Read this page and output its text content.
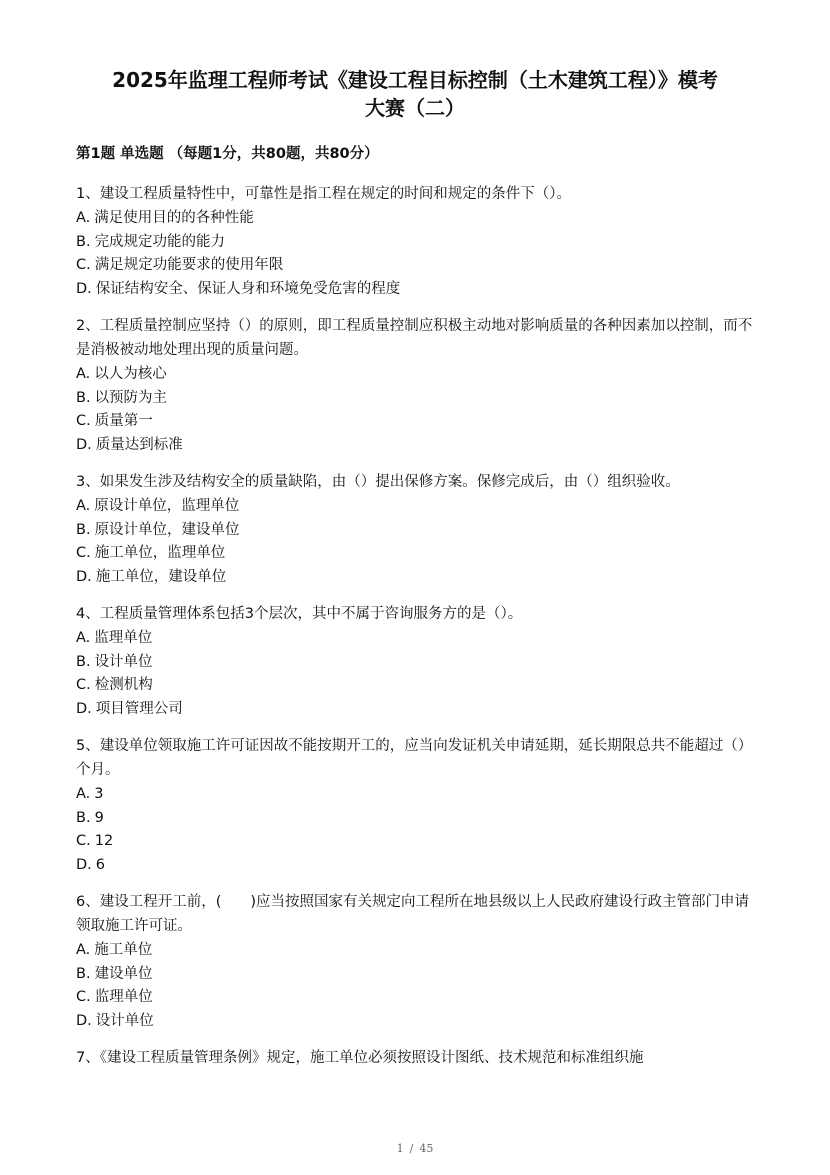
2025年监理工程师考试《建设工程目标控制（土木建筑工程）》模考
大赛（二）
第1题 单选题 （每题1分，共80题，共80分）
1、建设工程质量特性中，可靠性是指工程在规定的时间和规定的条件下（）。
A. 满足使用目的的各种性能
B. 完成规定功能的能力
C. 满足规定功能要求的使用年限
D. 保证结构安全、保证人身和环境免受危害的程度
2、工程质量控制应坚持（）的原则，即工程质量控制应积极主动地对影响质量的各种因素加以控制，而不是消极被动地处理出现的质量问题。
A. 以人为核心
B. 以预防为主
C. 质量第一
D. 质量达到标准
3、如果发生涉及结构安全的质量缺陷，由（）提出保修方案。保修完成后，由（）组织验收。
A. 原设计单位，监理单位
B. 原设计单位，建设单位
C. 施工单位，监理单位
D. 施工单位，建设单位
4、工程质量管理体系包括3个层次，其中不属于咨询服务方的是（）。
A. 监理单位
B. 设计单位
C. 检测机构
D. 项目管理公司
5、建设单位领取施工许可证因故不能按期开工的，应当向发证机关申请延期，延长期限总共不能超过（）个月。
A. 3
B. 9
C. 12
D. 6
6、建设工程开工前，(　　)应当按照国家有关规定向工程所在地县级以上人民政府建设行政主管部门申请领取施工许可证。
A. 施工单位
B. 建设单位
C. 监理单位
D. 设计单位
7、《建设工程质量管理条例》规定，施工单位必须按照设计图纸、技术规范和标准组织施
1 / 45
